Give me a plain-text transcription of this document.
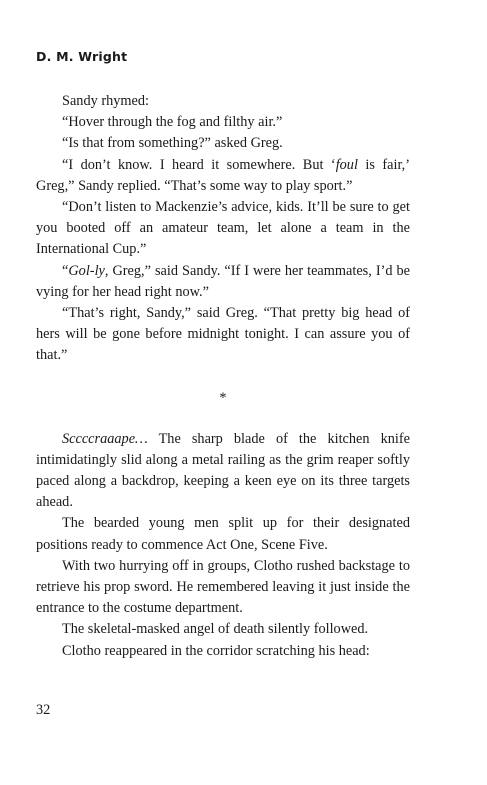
D. M. Wright

Sandy rhymed:

“Hover through the fog and filthy air.”

“Is that from something?” asked Greg.

“I don’t know. I heard it somewhere. But ‘foul is fair,’ Greg,” Sandy replied. “That’s some way to play sport.”

“Don’t listen to Mackenzie’s advice, kids. It’ll be sure to get you booted off an amateur team, let alone a team in the International Cup.”

“Gol-ly, Greg,” said Sandy. “If I were her teammates, I’d be vying for her head right now.”

“That’s right, Sandy,” said Greg. “That pretty big head of hers will be gone before midnight tonight. I can assure you of that.”

*

Sccccraaape… The sharp blade of the kitchen knife intimidatingly slid along a metal railing as the grim reaper softly paced along a backdrop, keeping a keen eye on its three targets ahead.

The bearded young men split up for their designated positions ready to commence Act One, Scene Five.

With two hurrying off in groups, Clotho rushed backstage to retrieve his prop sword. He remembered leaving it just inside the entrance to the costume department.

The skeletal-masked angel of death silently followed.

Clotho reappeared in the corridor scratching his head:

32
